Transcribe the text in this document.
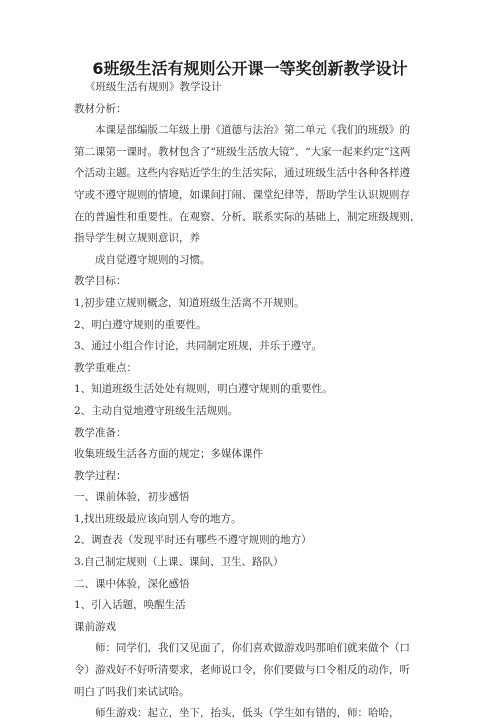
6班级生活有规则公开课一等奖创新教学设计
《班级生活有规则》教学设计
教材分析：
本课是部编版二年级上册《道德与法治》第二单元《我们的班级》的
第二课第一课时。教材包含了“班级生活放大镜”、“大家一起来约定”这两
个活动主题。这些内容贴近学生的生活实际，通过班级生活中各种各样遵
守或不遵守规则的情境，如课间打闹、课堂纪律等，帮助学生认识规则存
在的普遍性和重要性。在观察、分析、联系实际的基础上，制定班级规则，
指导学生树立规则意识，养
成自觉遵守规则的习惯。
教学目标：
1,初步建立规则概念，知道班级生活离不开规则。
2、明白遵守规则的重要性。
3、通过小组合作讨论，共同制定班规，并乐于遵守。
教学重难点：
1、知道班级生活处处有规则，明白遵守规则的重要性。
2、主动自觉地遵守班级生活规则。
教学准备：
收集班级生活各方面的规定；多媒体课件
教学过程：
一、课前体验，初步感悟
1,找出班级最应该向别人夸的地方。
2、调查表（发现平时还有哪些不遵守规则的地方）
3.自己制定规则（上课、课间、卫生、路队）
二、课中体验，深化感悟
1、引入话题，唤醒生活
课前游戏
师：同学们，我们又见面了，你们喜欢做游戏吗那咱们就来做个（口
令）游戏好不好听清要求，老师说口令，你们要做与口令相反的动作，听
明白了吗我们来试试哈。
师生游戏：起立，坐下，抬头，低头（学生如有错的，师：哈哈，
